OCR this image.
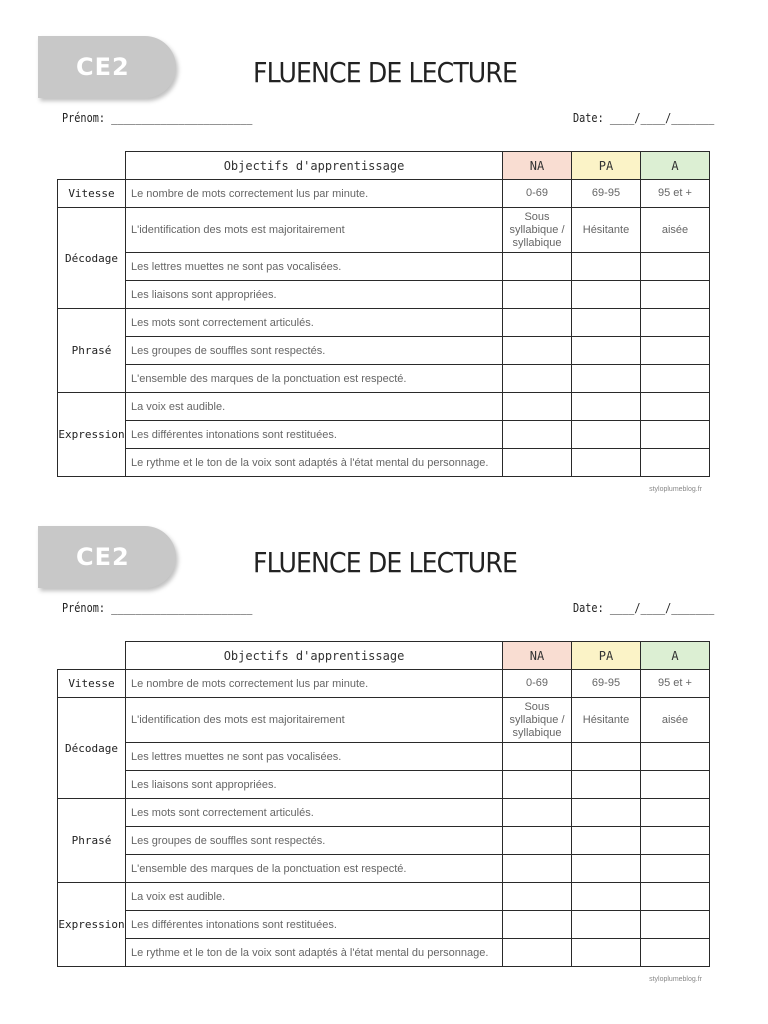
CE2	FLUENCE DE LECTURE
Prénom: _______________________	Date: ____/____/_______
	Objectifs d'apprentissage	NA	PA	A
Vitesse	Le nombre de mots correctement lus par minute.	0-69	69-95	95 et +
Décodage	L'identification des mots est majoritairement	Sous syllabique / syllabique	Hésitante	aisée
	Les lettres muettes ne sont pas vocalisées.			
	Les liaisons sont appropriées.			
Phrasé	Les mots sont correctement articulés.			
	Les groupes de souffles sont respectés.			
	L'ensemble des marques de la ponctuation est respecté.			
Expression	La voix est audible.			
	Les différentes intonations sont restituées.			
	Le rythme et le ton de la voix sont adaptés à l'état mental du personnage.			
styloplumeblog.fr
CE2	FLUENCE DE LECTURE
Prénom: _______________________	Date: ____/____/_______
	Objectifs d'apprentissage	NA	PA	A
Vitesse	Le nombre de mots correctement lus par minute.	0-69	69-95	95 et +
Décodage	L'identification des mots est majoritairement	Sous syllabique / syllabique	Hésitante	aisée
	Les lettres muettes ne sont pas vocalisées.			
	Les liaisons sont appropriées.			
Phrasé	Les mots sont correctement articulés.			
	Les groupes de souffles sont respectés.			
	L'ensemble des marques de la ponctuation est respecté.			
Expression	La voix est audible.			
	Les différentes intonations sont restituées.			
	Le rythme et le ton de la voix sont adaptés à l'état mental du personnage.			
styloplumeblog.fr
